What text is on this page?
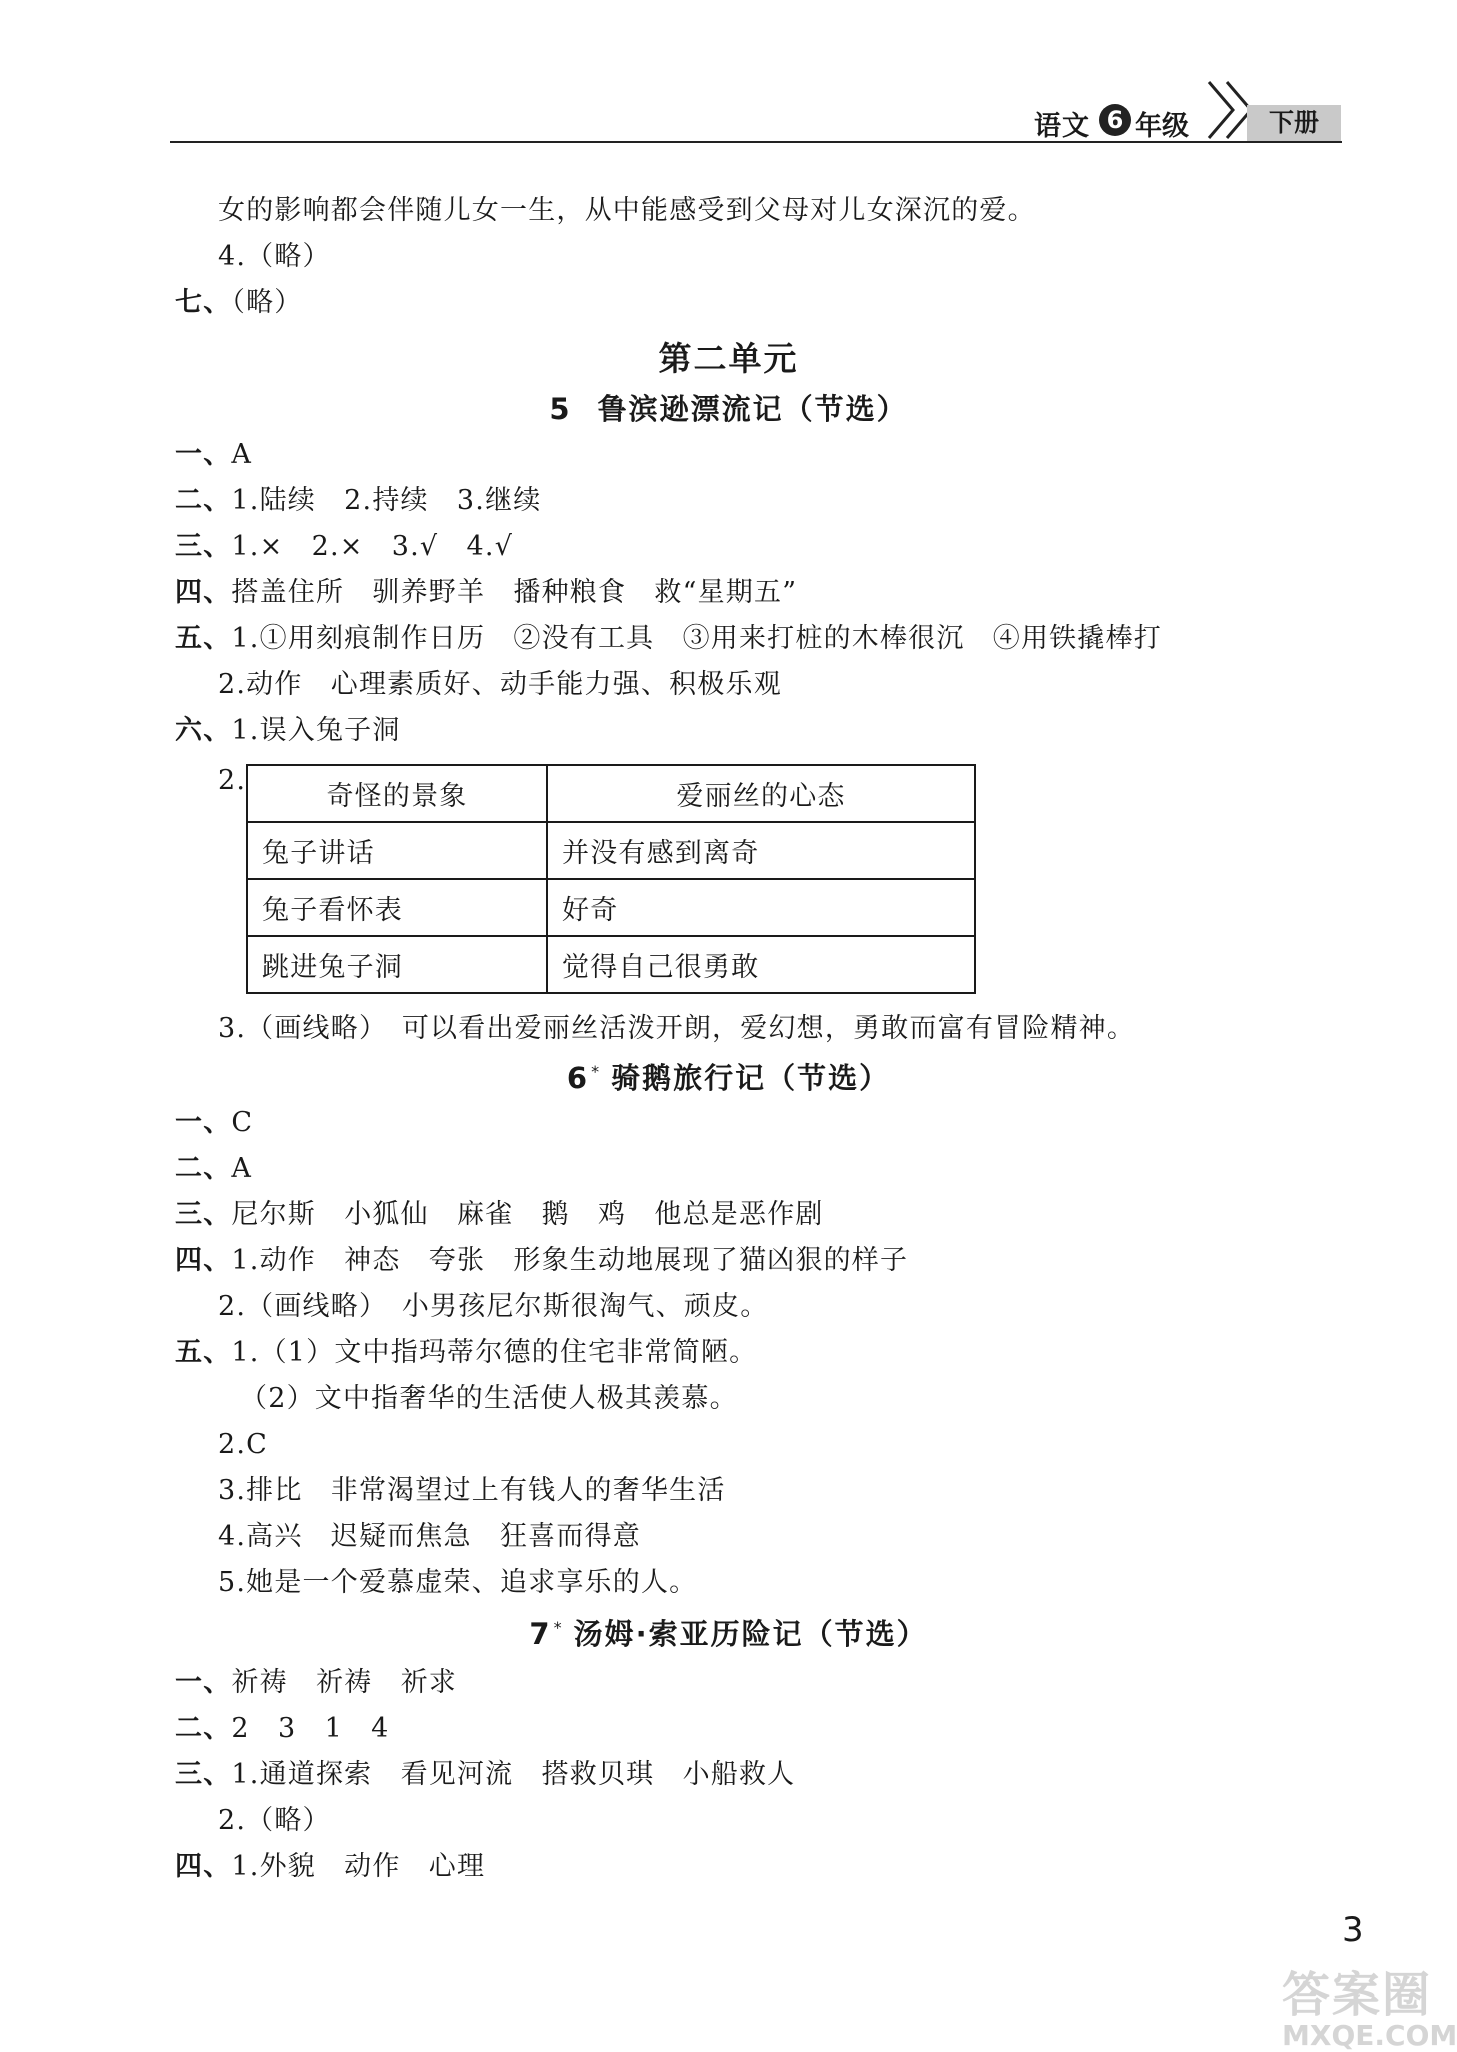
语文 6 年级	下册
女的影响都会伴随儿女一生，从中能感受到父母对儿女深沉的爱。
4.（略）
七、（略）
第二单元
5 鲁滨逊漂流记（节选）
一、A
二、1.陆续　2.持续　3.继续
三、1.×　2.×　3.√　4.√
四、搭盖住所　驯养野羊　播种粮食　救“星期五”
五、1.①用刻痕制作日历　②没有工具　③用来打桩的木棒很沉　④用铁撬棒打
2.动作　心理素质好、动手能力强、积极乐观
六、1.误入兔子洞
2.
奇怪的景象	爱丽丝的心态
兔子讲话	并没有感到离奇
兔子看怀表	好奇
跳进兔子洞	觉得自己很勇敢
3.（画线略）　可以看出爱丽丝活泼开朗，爱幻想，勇敢而富有冒险精神。
6 * 骑鹅旅行记（节选）
一、C
二、A
三、尼尔斯　小狐仙　麻雀　鹅　鸡　他总是恶作剧
四、1.动作　神态　夸张　形象生动地展现了猫凶狠的样子
2.（画线略）　小男孩尼尔斯很淘气、顽皮。
五、1.（1）文中指玛蒂尔德的住宅非常简陋。
（2）文中指奢华的生活使人极其羡慕。
2.C
3.排比　非常渴望过上有钱人的奢华生活
4.高兴　迟疑而焦急　狂喜而得意
5.她是一个爱慕虚荣、追求享乐的人。
7 * 汤姆·索亚历险记（节选）
一、祈祷　祈祷　祈求
二、2　3　1　4
三、1.通道探索　看见河流　搭救贝琪　小船救人
2.（略）
四、1.外貌　动作　心理
3
答案圈
MXQE.COM
